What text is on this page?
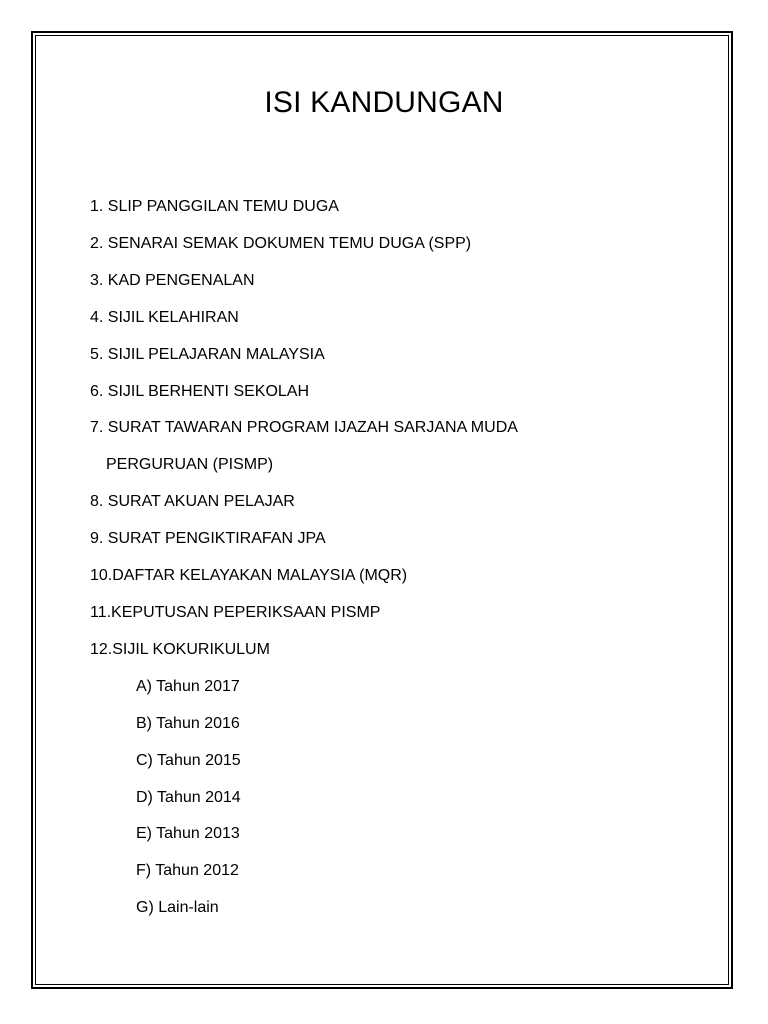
ISI KANDUNGAN
1. SLIP PANGGILAN TEMU DUGA
2. SENARAI SEMAK DOKUMEN TEMU DUGA (SPP)
3. KAD PENGENALAN
4. SIJIL KELAHIRAN
5. SIJIL PELAJARAN MALAYSIA
6. SIJIL BERHENTI SEKOLAH
7. SURAT TAWARAN PROGRAM IJAZAH SARJANA MUDA
PERGURUAN (PISMP)
8. SURAT AKUAN PELAJAR
9. SURAT PENGIKTIRAFAN JPA
10.DAFTAR KELAYAKAN MALAYSIA (MQR)
11.KEPUTUSAN PEPERIKSAAN PISMP
12.SIJIL KOKURIKULUM
A) Tahun 2017
B) Tahun 2016
C) Tahun 2015
D) Tahun 2014
E) Tahun 2013
F) Tahun 2012
G) Lain-lain
